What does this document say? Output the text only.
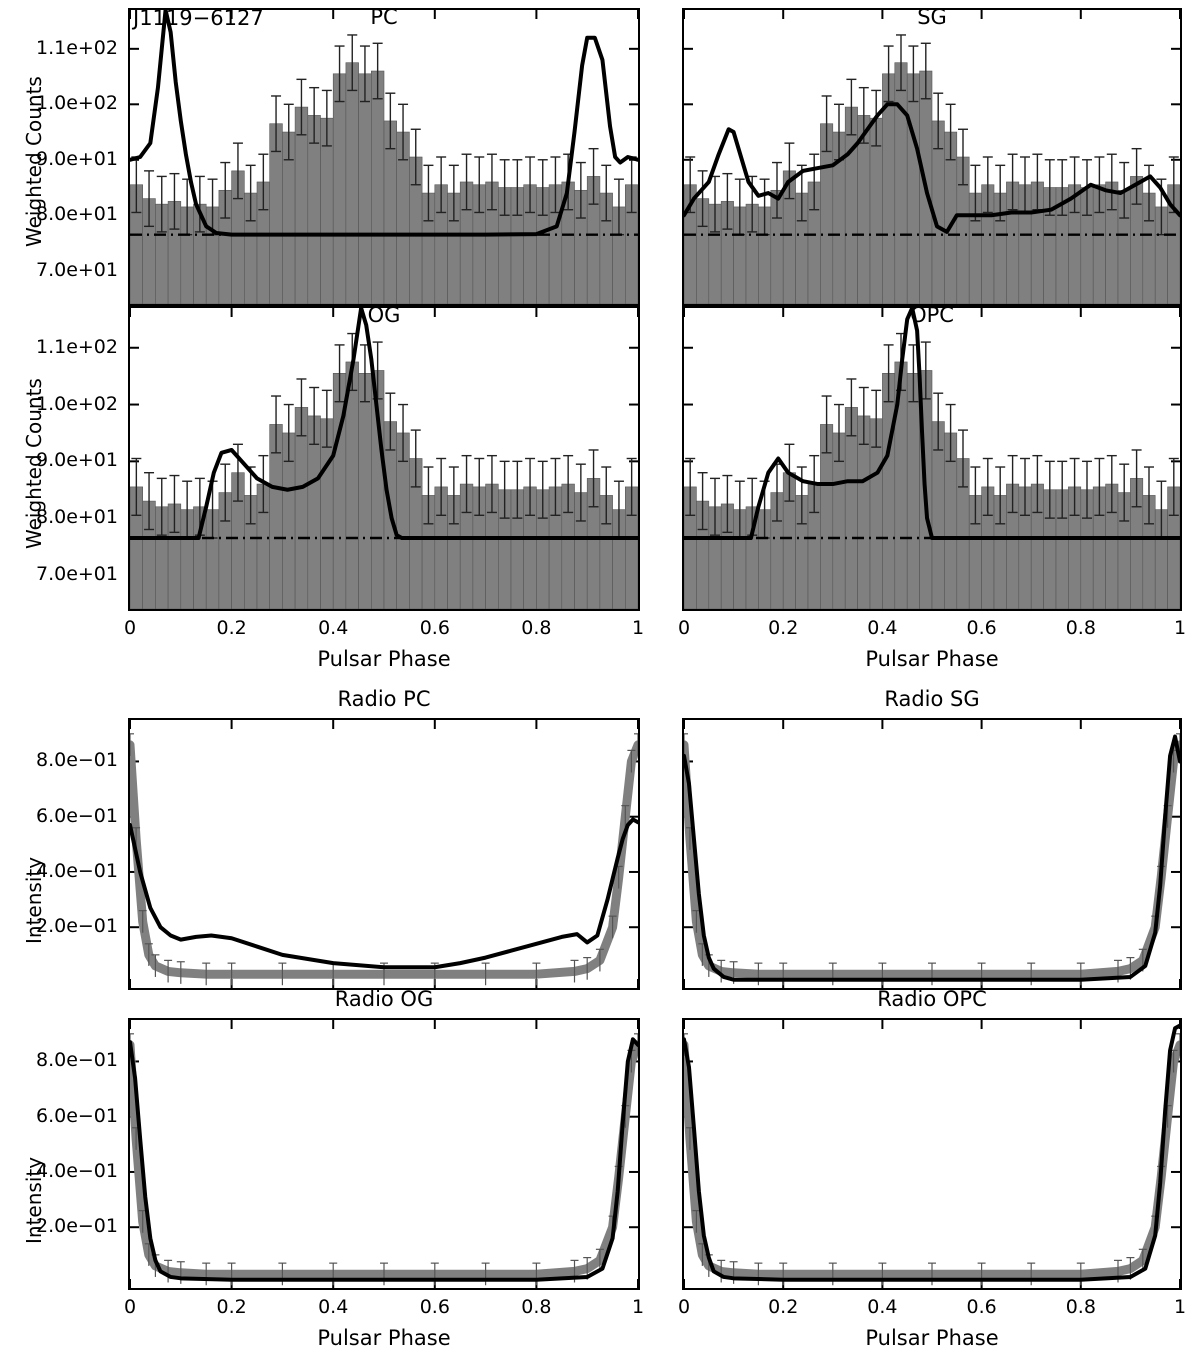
PC
7.0e+01
8.0e+01
9.0e+01
1.0e+02
1.1e+02
Weighted Counts
SG
OG
7.0e+01
8.0e+01
9.0e+01
1.0e+02
1.1e+02
0	0.2	0.4	0.6	0.8	1
Pulsar Phase
Weighted Counts
OPC
0	0.2	0.4	0.6	0.8	1
Pulsar Phase
Radio PC
2.0e−01
4.0e−01
6.0e−01
8.0e−01
Intensity
Radio SG
Radio OG
2.0e−01
4.0e−01
6.0e−01
8.0e−01
0	0.2	0.4	0.6	0.8	1
Pulsar Phase
Intensity
Radio OPC
0	0.2	0.4	0.6	0.8	1
Pulsar Phase
J1119−6127
